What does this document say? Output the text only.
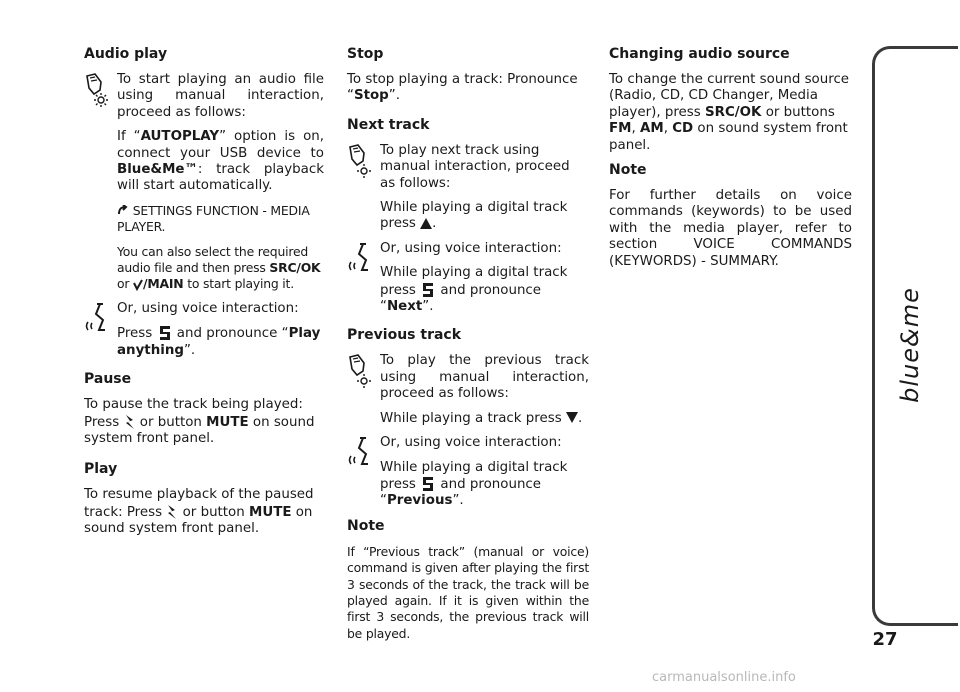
Audio play
To start playing an audio file using manual interaction, proceed as follows:

If “AUTOPLAY” option is on, connect your USB device to Blue&Me™: track playback will start automatically.

SETTINGS FUNCTION - MEDIA PLAYER.

You can also select the required audio file and then press SRC/OK or /MAIN to start playing it.

Or, using voice interaction:

Press  and pronounce “Play anything”.

Pause

To pause the track being played: Press  or button MUTE on sound system front panel.

Play

To resume playback of the paused track: Press  or button MUTE on sound system front panel.

Stop

To stop playing a track: Pronounce “Stop”.

Next track

To play next track using manual interaction, proceed as follows:

While playing a digital track press .

Or, using voice interaction:

While playing a digital track press  and pronounce “Next”.

Previous track

To play the previous track using manual interaction, proceed as follows:

While playing a track press .

Or, using voice interaction:

While playing a digital track press  and pronounce “Previous”.

Note

If “Previous track” (manual or voice) command is given after playing the first 3 seconds of the track, the track will be played again. If it is given within the first 3 seconds, the previous track will be played.

Changing audio source

To change the current sound source (Radio, CD, CD Changer, Media player), press SRC/OK or buttons FM, AM, CD on sound system front panel.

Note

For further details on voice commands (keywords) to be used with the media player, refer to section VOICE COMMANDS (KEYWORDS) - SUMMARY.

blue&me
27
carmanualsonline.info
